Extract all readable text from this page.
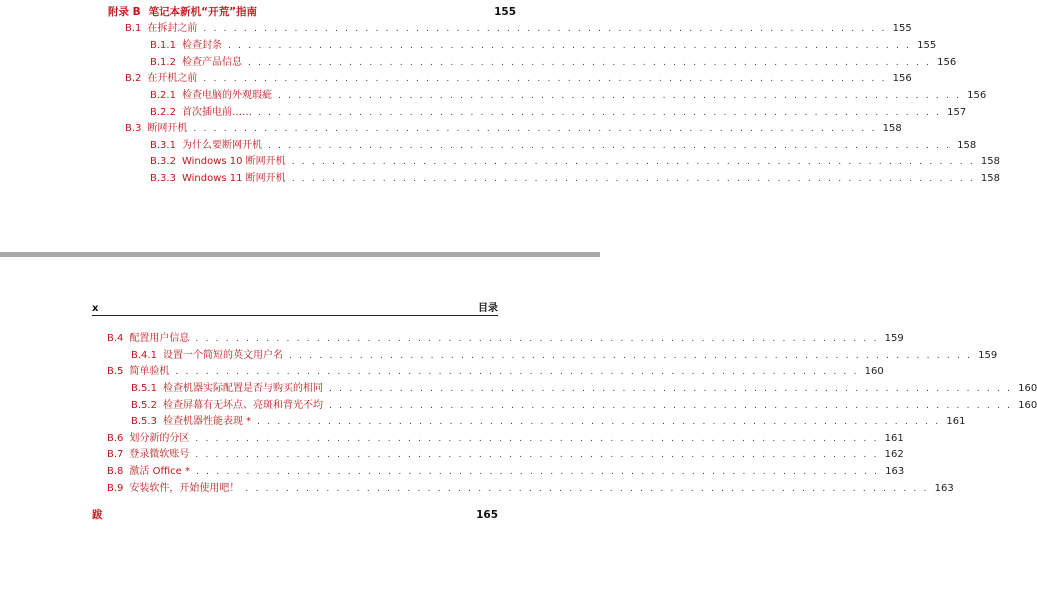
附录 B 笔记本新机“开荒”指南	155
B.1 在拆封之前 . . . . . . . . . . . . . . . . . . . . . . . . . . . . . . . . . . . . . . . . . . . . . . . . . . . . . . . . . . . . . . . . . . . . 155
B.1.1 检查封条 . . . . . . . . . . . . . . . . . . . . . . . . . . . . . . . . . . . . . . . . . . . . . . . . . . . . . . . . . . . . . . . . . . . . 155
B.1.2 检查产品信息 . . . . . . . . . . . . . . . . . . . . . . . . . . . . . . . . . . . . . . . . . . . . . . . . . . . . . . . . . . . . . . . . . . . . 156
B.2 在开机之前 . . . . . . . . . . . . . . . . . . . . . . . . . . . . . . . . . . . . . . . . . . . . . . . . . . . . . . . . . . . . . . . . . . . . 156
B.2.1 检查电脑的外观瑕疵 . . . . . . . . . . . . . . . . . . . . . . . . . . . . . . . . . . . . . . . . . . . . . . . . . . . . . . . . . . . . . . . . . . . . 156
B.2.2 首次插电前…… . . . . . . . . . . . . . . . . . . . . . . . . . . . . . . . . . . . . . . . . . . . . . . . . . . . . . . . . . . . . . . . . . . . . 157
B.3 断网开机 . . . . . . . . . . . . . . . . . . . . . . . . . . . . . . . . . . . . . . . . . . . . . . . . . . . . . . . . . . . . . . . . . . . . 158
B.3.1 为什么要断网开机 . . . . . . . . . . . . . . . . . . . . . . . . . . . . . . . . . . . . . . . . . . . . . . . . . . . . . . . . . . . . . . . . . . . . 158
B.3.2 Windows 10 断网开机 . . . . . . . . . . . . . . . . . . . . . . . . . . . . . . . . . . . . . . . . . . . . . . . . . . . . . . . . . . . . . . . . . . . . 158
B.3.3 Windows 11 断网开机 . . . . . . . . . . . . . . . . . . . . . . . . . . . . . . . . . . . . . . . . . . . . . . . . . . . . . . . . . . . . . . . . . . . . 158
x	目录
B.4 配置用户信息 . . . . . . . . . . . . . . . . . . . . . . . . . . . . . . . . . . . . . . . . . . . . . . . . . . . . . . . . . . . . . . . . . . . . 159
B.4.1 设置一个简短的英文用户名 . . . . . . . . . . . . . . . . . . . . . . . . . . . . . . . . . . . . . . . . . . . . . . . . . . . . . . . . . . . . . . . . . . . . 159
B.5 简单验机 . . . . . . . . . . . . . . . . . . . . . . . . . . . . . . . . . . . . . . . . . . . . . . . . . . . . . . . . . . . . . . . . . . . . 160
B.5.1 检查机器实际配置是否与购买的相同 . . . . . . . . . . . . . . . . . . . . . . . . . . . . . . . . . . . . . . . . . . . . . . . . . . . . . . . . . . . . . . . . . . . . 160
B.5.2 检查屏幕有无坏点、亮斑和背光不均 . . . . . . . . . . . . . . . . . . . . . . . . . . . . . . . . . . . . . . . . . . . . . . . . . . . . . . . . . . . . . . . . . . . . 160
B.5.3 检查机器性能表现 * . . . . . . . . . . . . . . . . . . . . . . . . . . . . . . . . . . . . . . . . . . . . . . . . . . . . . . . . . . . . . . . . . . . . 161
B.6 划分新的分区 . . . . . . . . . . . . . . . . . . . . . . . . . . . . . . . . . . . . . . . . . . . . . . . . . . . . . . . . . . . . . . . . . . . . 161
B.7 登录微软账号 . . . . . . . . . . . . . . . . . . . . . . . . . . . . . . . . . . . . . . . . . . . . . . . . . . . . . . . . . . . . . . . . . . . . 162
B.8 激活 Office * . . . . . . . . . . . . . . . . . . . . . . . . . . . . . . . . . . . . . . . . . . . . . . . . . . . . . . . . . . . . . . . . . . . . 163
B.9 安装软件，开始使用吧！ . . . . . . . . . . . . . . . . . . . . . . . . . . . . . . . . . . . . . . . . . . . . . . . . . . . . . . . . . . . . . . . . . . . . 163
跋	165
